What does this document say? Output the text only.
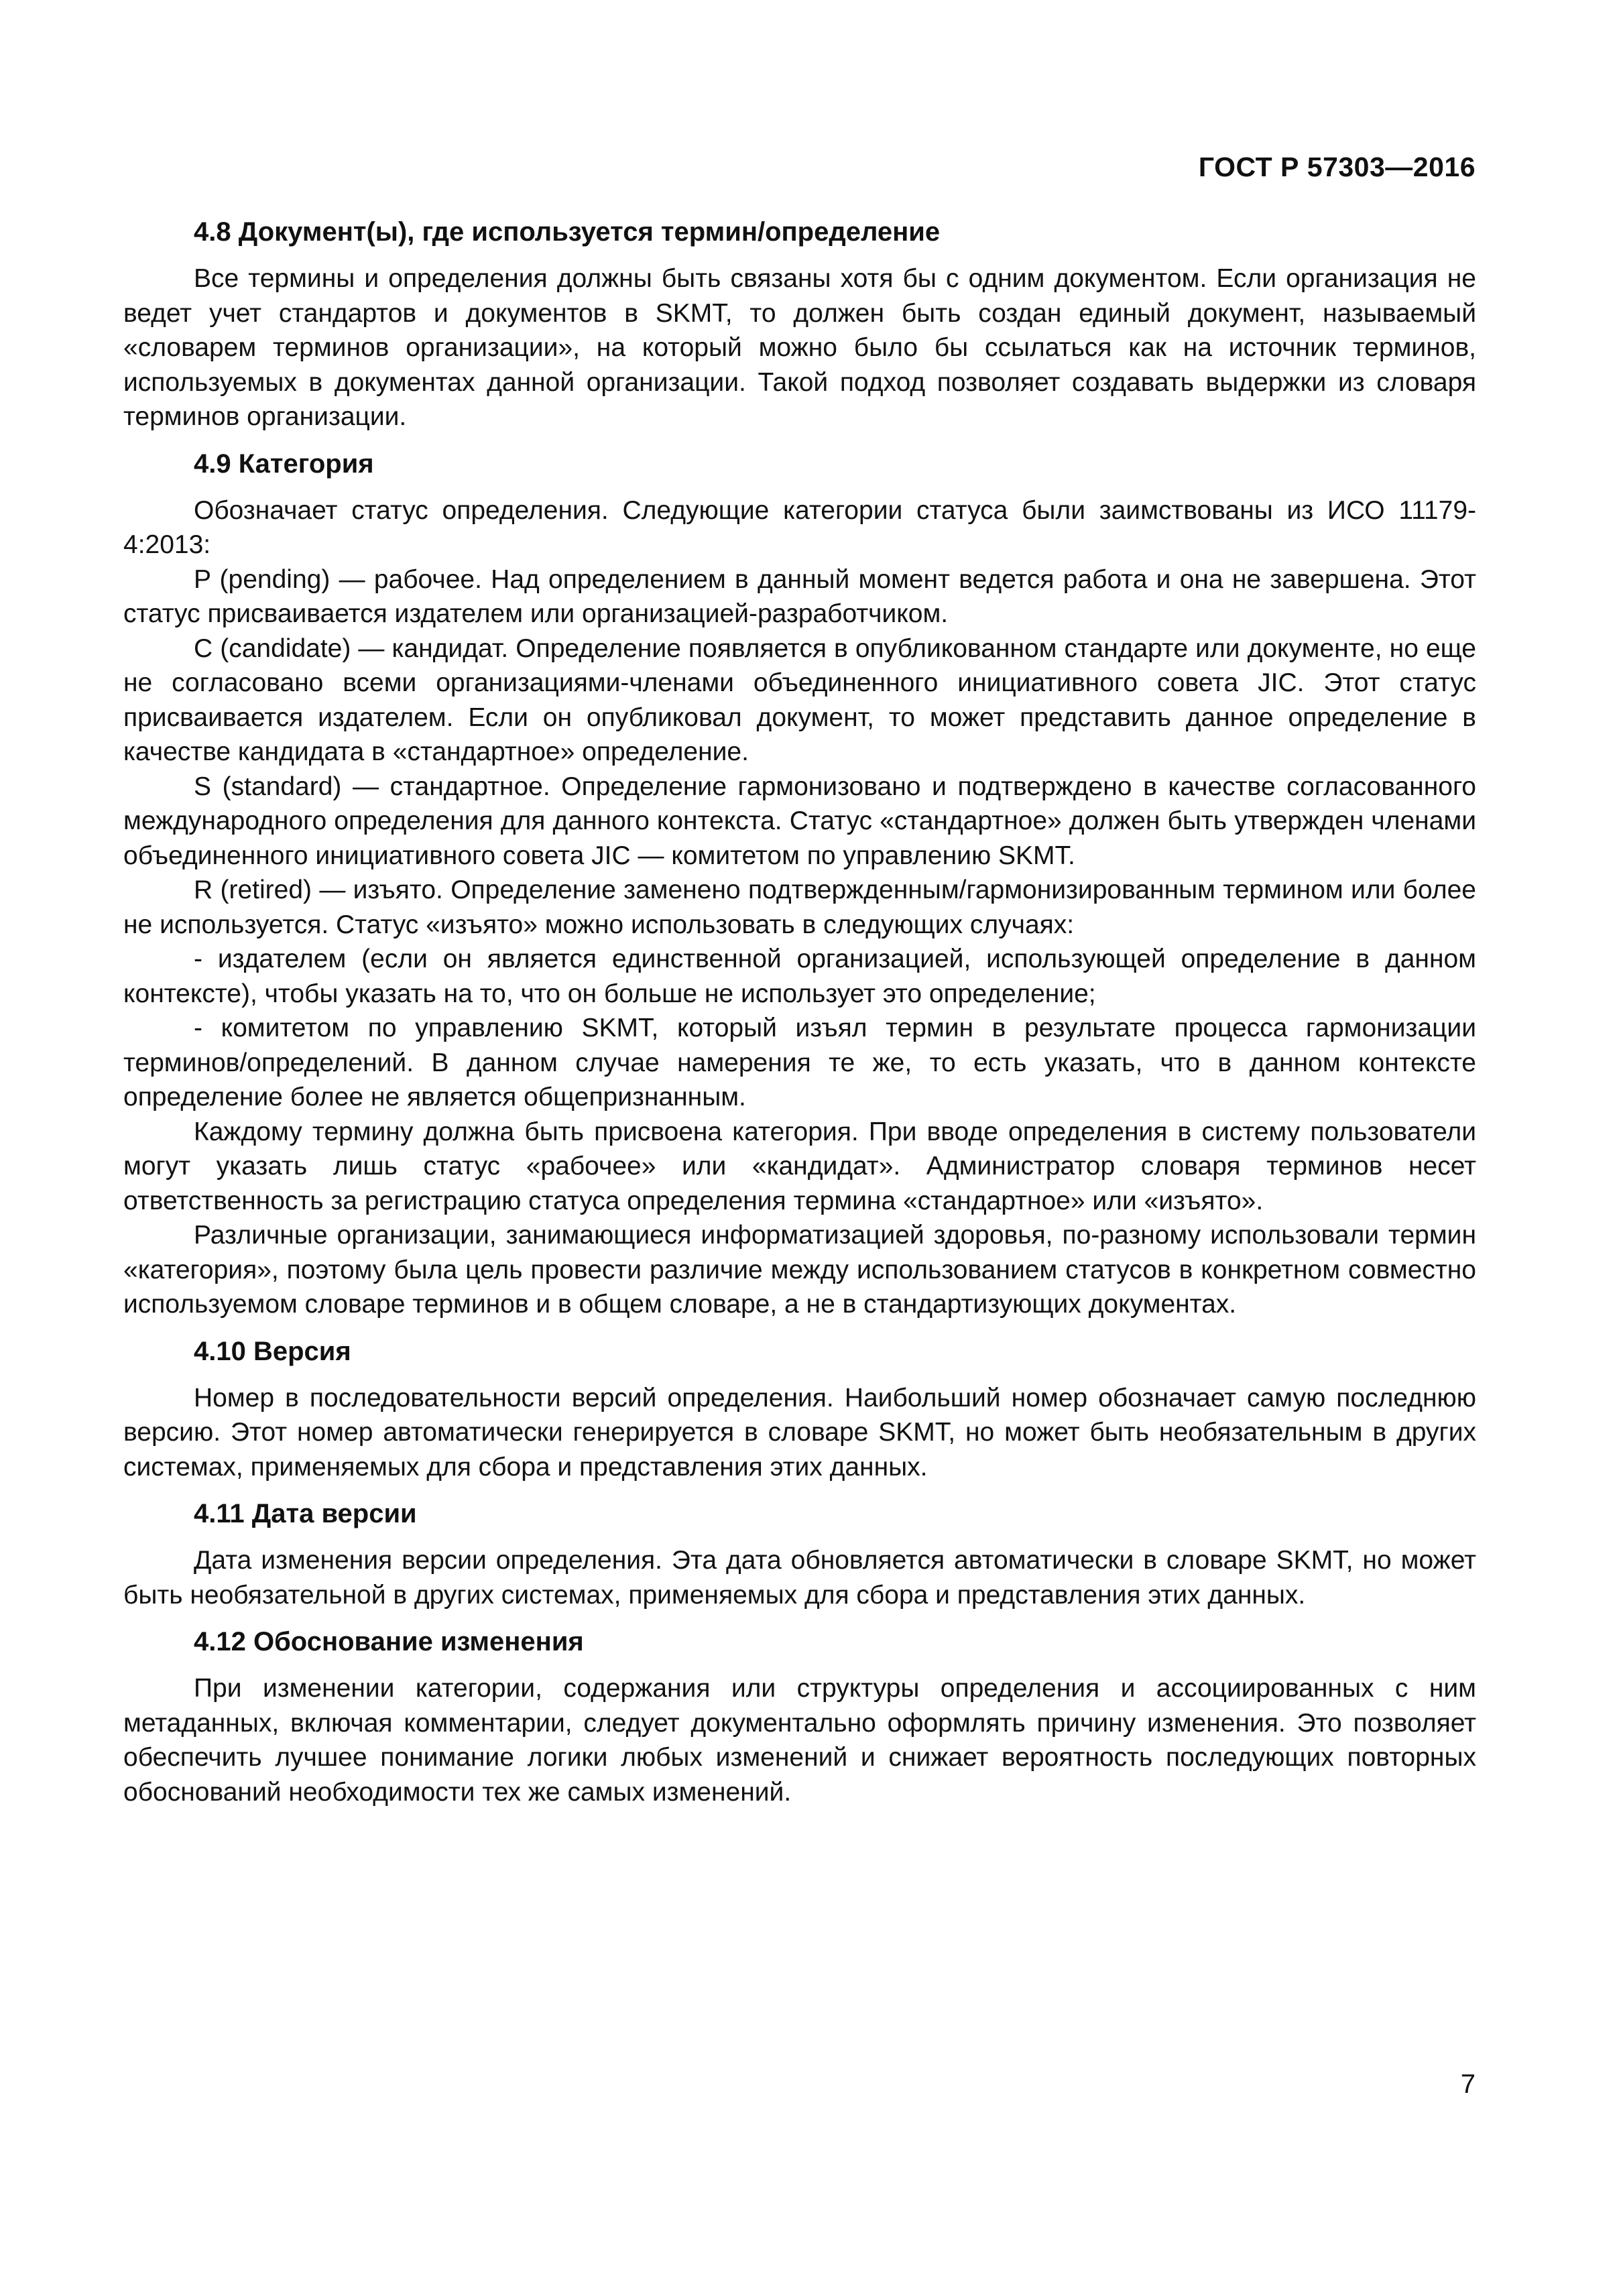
ГОСТ Р 57303—2016
4.8 Документ(ы), где используется термин/определение

Все термины и определения должны быть связаны хотя бы с одним документом. Если организация не ведет учет стандартов и документов в SKMT, то должен быть создан единый документ, называемый «словарем терминов организации», на который можно было бы ссылаться как на источник терминов, используемых в документах данной организации. Такой подход позволяет создавать выдержки из словаря терминов организации.

4.9 Категория

Обозначает статус определения. Следующие категории статуса были заимствованы из ИСО 11179-4:2013:

P (pending) — рабочее. Над определением в данный момент ведется работа и она не завершена. Этот статус присваивается издателем или организацией-разработчиком.

C (candidate) — кандидат. Определение появляется в опубликованном стандарте или документе, но еще не согласовано всеми организациями-членами объединенного инициативного совета JIC. Этот статус присваивается издателем. Если он опубликовал документ, то может представить данное определение в качестве кандидата в «стандартное» определение.

S (standard) — стандартное. Определение гармонизовано и подтверждено в качестве согласованного международного определения для данного контекста. Статус «стандартное» должен быть утвержден членами объединенного инициативного совета JIC — комитетом по управлению SKMT.

R (retired) — изъято. Определение заменено подтвержденным/гармонизированным термином или более не используется. Статус «изъято» можно использовать в следующих случаях:

- издателем (если он является единственной организацией, использующей определение в данном контексте), чтобы указать на то, что он больше не использует это определение;

- комитетом по управлению SKMT, который изъял термин в результате процесса гармонизации терминов/определений. В данном случае намерения те же, то есть указать, что в данном контексте определение более не является общепризнанным.

Каждому термину должна быть присвоена категория. При вводе определения в систему пользователи могут указать лишь статус «рабочее» или «кандидат». Администратор словаря терминов несет ответственность за регистрацию статуса определения термина «стандартное» или «изъято».

Различные организации, занимающиеся информатизацией здоровья, по-разному использовали термин «категория», поэтому была цель провести различие между использованием статусов в конкретном совместно используемом словаре терминов и в общем словаре, а не в стандартизующих документах.

4.10 Версия

Номер в последовательности версий определения. Наибольший номер обозначает самую последнюю версию. Этот номер автоматически генерируется в словаре SKMT, но может быть необязательным в других системах, применяемых для сбора и представления этих данных.

4.11 Дата версии

Дата изменения версии определения. Эта дата обновляется автоматически в словаре SKMT, но может быть необязательной в других системах, применяемых для сбора и представления этих данных.

4.12 Обоснование изменения

При изменении категории, содержания или структуры определения и ассоциированных с ним метаданных, включая комментарии, следует документально оформлять причину изменения. Это позволяет обеспечить лучшее понимание логики любых изменений и снижает вероятность последующих повторных обоснований необходимости тех же самых изменений.

7
